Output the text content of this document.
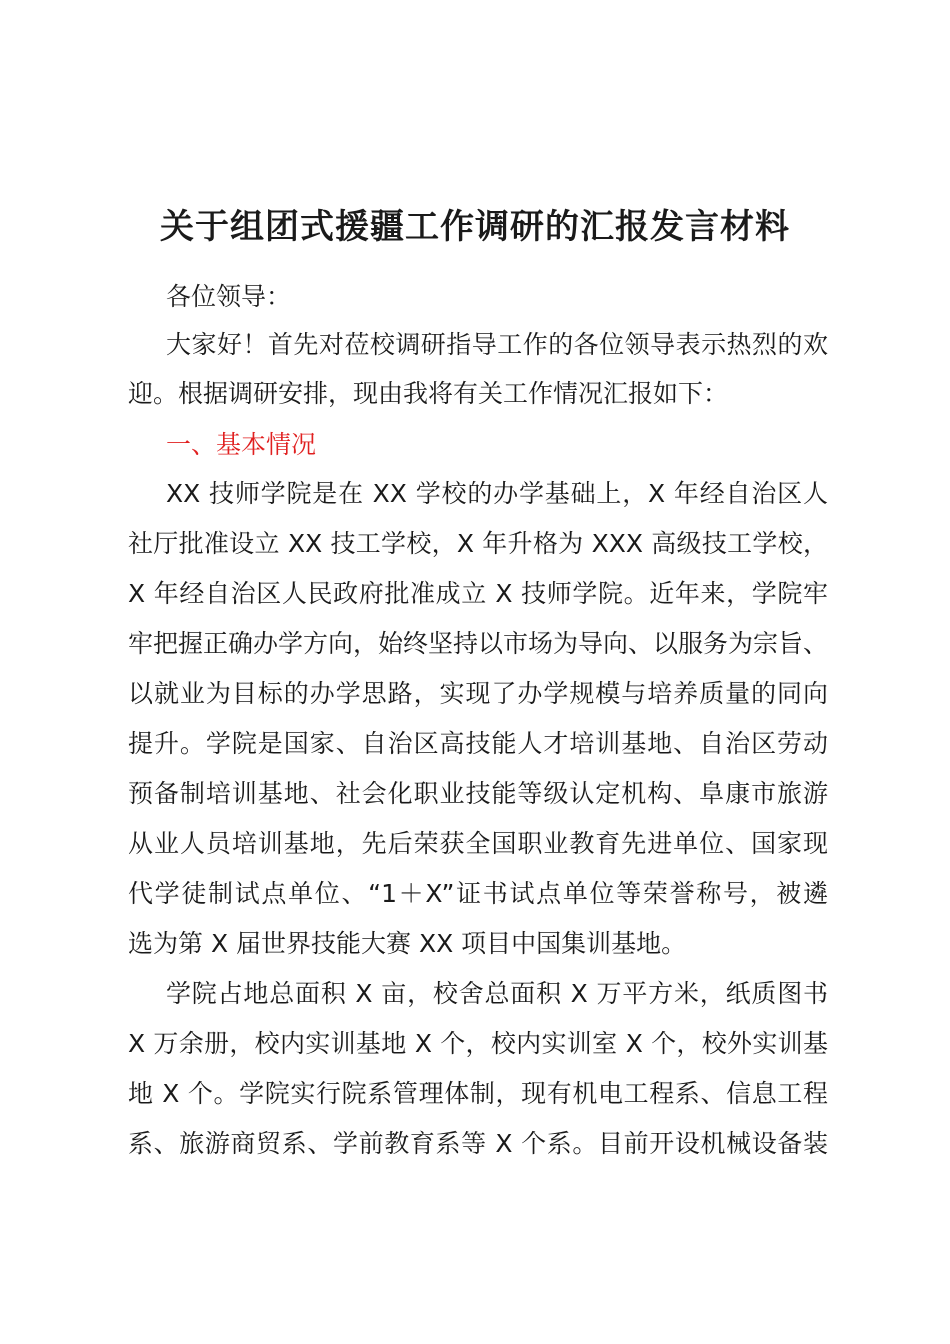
关于组团式援疆工作调研的汇报发言材料
各位领导：
大家好！首先对莅校调研指导工作的各位领导表示热烈的欢
迎。根据调研安排，现由我将有关工作情况汇报如下：
一、基本情况
XX 技师学院是在 XX 学校的办学基础上，X 年经自治区人
社厅批准设立 XX 技工学校，X 年升格为 XXX 高级技工学校，
X 年经自治区人民政府批准成立 X 技师学院。近年来，学院牢
牢把握正确办学方向，始终坚持以市场为导向、以服务为宗旨、
以就业为目标的办学思路，实现了办学规模与培养质量的同向
提升。学院是国家、自治区高技能人才培训基地、自治区劳动
预备制培训基地、社会化职业技能等级认定机构、阜康市旅游
从业人员培训基地，先后荣获全国职业教育先进单位、国家现
代学徒制试点单位、“1＋X”证书试点单位等荣誉称号，被遴
选为第 X 届世界技能大赛 XX 项目中国集训基地。
学院占地总面积 X 亩，校舍总面积 X 万平方米，纸质图书
X 万余册，校内实训基地 X 个，校内实训室 X 个，校外实训基
地 X 个。学院实行院系管理体制，现有机电工程系、信息工程
系、旅游商贸系、学前教育系等 X 个系。目前开设机械设备装
